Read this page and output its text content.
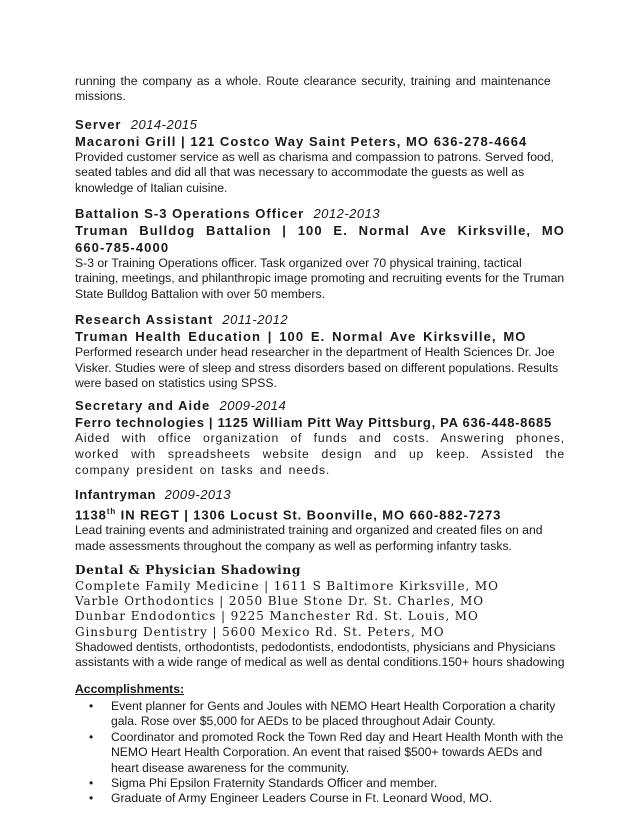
running the company as a whole. Route clearance security, training and maintenance

missions.

Server 2014-2015

Macaroni Grill | 121 Costco Way Saint Peters, MO 636-278-4664

Provided customer service as well as charisma and compassion to patrons. Served food, seated tables and did all that was necessary to accommodate the guests as well as knowledge of Italian cuisine.

Battalion S-3 Operations Officer 2012-2013

Truman Bulldog Battalion | 100 E. Normal Ave Kirksville, MO 660-785-4000

S-3 or Training Operations officer. Task organized over 70 physical training, tactical training, meetings, and philanthropic image promoting and recruiting events for the Truman State Bulldog Battalion with over 50 members.

Research Assistant 2011-2012

Truman Health Education | 100 E. Normal Ave Kirksville, MO

Performed research under head researcher in the department of Health Sciences Dr. Joe Visker. Studies were of sleep and stress disorders based on different populations. Results were based on statistics using SPSS.

Secretary and Aide 2009-2014

Ferro technologies | 1125 William Pitt Way Pittsburg, PA 636-448-8685

Aided with office organization of funds and costs. Answering phones, worked with spreadsheets website design and up keep. Assisted the company president on tasks and needs.

Infantryman 2009-2013

1138th IN REGT | 1306 Locust St. Boonville, MO 660-882-7273

Lead training events and administrated training and organized and created files on and made assessments throughout the company as well as performing infantry tasks.

Dental & Physician Shadowing

Complete Family Medicine | 1611 S Baltimore Kirksville, MO

Varble Orthodontics | 2050 Blue Stone Dr. St. Charles, MO

Dunbar Endodontics | 9225 Manchester Rd. St. Louis, MO

Ginsburg Dentistry | 5600 Mexico Rd. St. Peters, MO

Shadowed dentists, orthodontists, pedodontists, endodontists, physicians and Physicians assistants with a wide range of medical as well as dental conditions.150+ hours shadowing

Accomplishments:

• Event planner for Gents and Joules with NEMO Heart Health Corporation a charity gala. Rose over $5,000 for AEDs to be placed throughout Adair County.
• Coordinator and promoted Rock the Town Red day and Heart Health Month with the NEMO Heart Health Corporation. An event that raised $500+ towards AEDs and heart disease awareness for the community.
• Sigma Phi Epsilon Fraternity Standards Officer and member.
• Graduate of Army Engineer Leaders Course in Ft. Leonard Wood, MO.
